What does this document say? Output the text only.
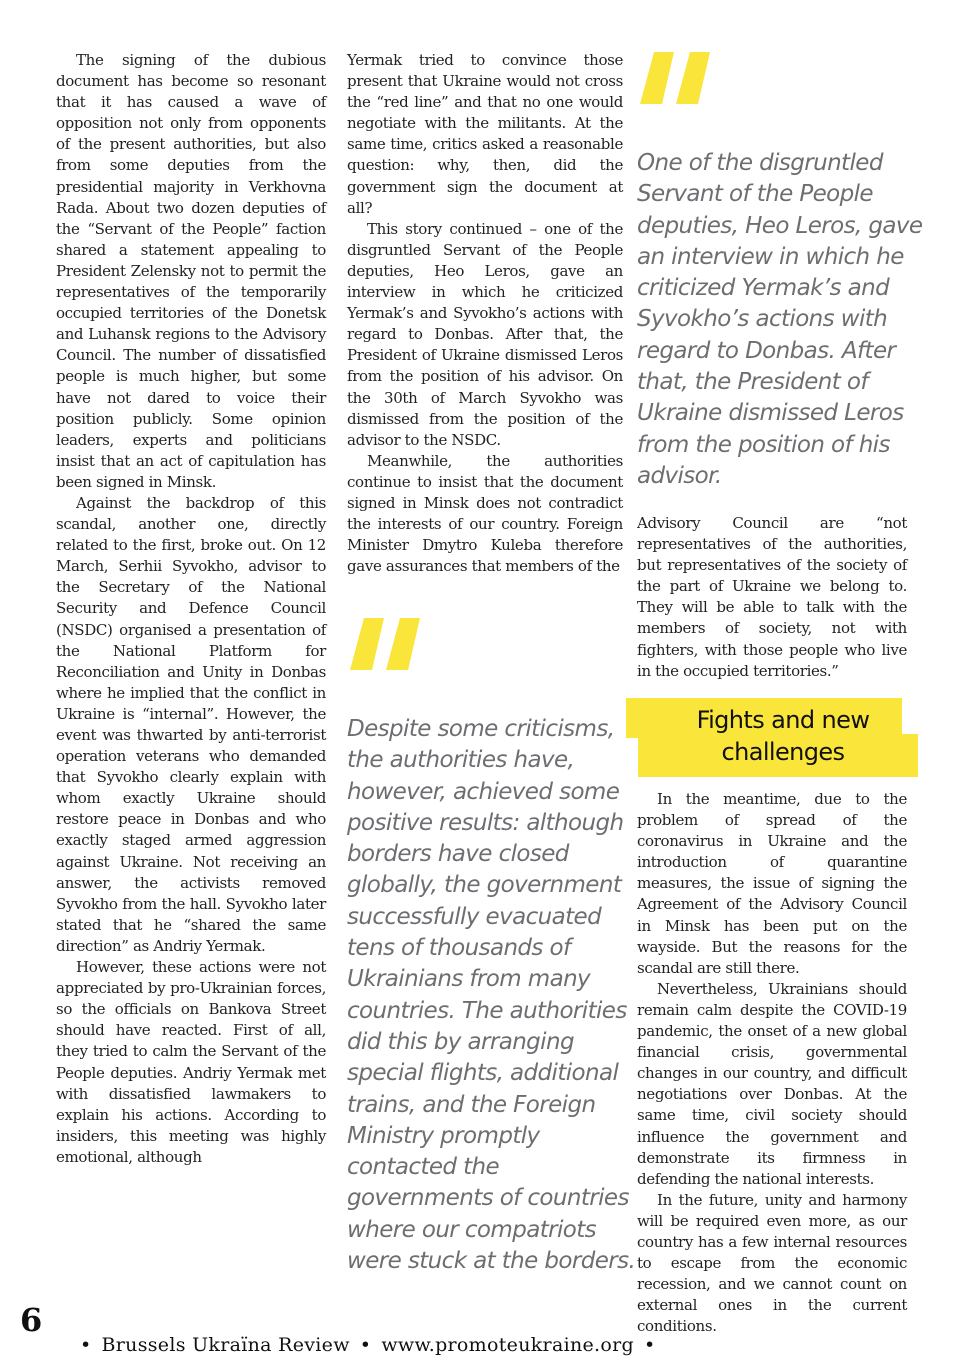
The signing of the dubious document has become so resonant that it has caused a wave of opposition not only from opponents of the present authorities, but also from some deputies from the presidential majority in Verkhovna Rada. About two dozen deputies of the “Servant of the People” faction shared a statement appealing to President Zelensky not to permit the representatives of the temporarily occupied territories of the Donetsk and Luhansk regions to the Advisory Council. The number of dissatisfied people is much higher, but some have not dared to voice their position publicly. Some opinion leaders, experts and politicians insist that an act of capitulation has been signed in Minsk.

Against the backdrop of this scandal, another one, directly related to the first, broke out. On 12 March, Serhii Syvokho, advisor to the Secretary of the National Security and Defence Council (NSDC) organised a presentation of the National Platform for Reconciliation and Unity in Donbas where he implied that the conflict in Ukraine is “internal”. However, the event was thwarted by anti-terrorist operation veterans who demanded that Syvokho clearly explain with whom exactly Ukraine should restore peace in Donbas and who exactly staged armed aggression against Ukraine. Not receiving an answer, the activists removed Syvokho from the hall. Syvokho later stated that he “shared the same direction” as Andriy Yermak.

However, these actions were not appreciated by pro-Ukrainian forces, so the officials on Bankova Street should have reacted. First of all, they tried to calm the Servant of the People deputies. Andriy Yermak met with dissatisfied lawmakers to explain his actions. According to insiders, this meeting was highly emotional, although

Yermak tried to convince those present that Ukraine would not cross the “red line” and that no one would negotiate with the militants. At the same time, critics asked a reasonable question: why, then, did the government sign the document at all?

This story continued – one of the disgruntled Servant of the People deputies, Heo Leros, gave an interview in which he criticized Yermak’s and Syvokho’s actions with regard to Donbas. After that, the President of Ukraine dismissed Leros from the position of his advisor. On the 30th of March Syvokho was dismissed from the position of the advisor to the NSDC.

Meanwhile, the authorities continue to insist that the document signed in Minsk does not contradict the interests of our country. Foreign Minister Dmytro Kuleba therefore gave assurances that members of the

One of the disgruntled Servant of the People deputies, Heo Leros, gave an interview in which he criticized Yermak’s and Syvokho’s actions with regard to Donbas. After that, the President of Ukraine dismissed Leros from the position of his advisor.

Advisory Council are “not representatives of the authorities, but representatives of the society of the part of Ukraine we belong to. They will be able to talk with the members of society, not with fighters, with those people who live in the occupied territories.”

Fights and new challenges

In the meantime, due to the problem of spread of the coronavirus in Ukraine and the introduction of quarantine measures, the issue of signing the Agreement of the Advisory Council in Minsk has been put on the wayside. But the reasons for the scandal are still there.

Nevertheless, Ukrainians should remain calm despite the COVID-19 pandemic, the onset of a new global financial crisis, governmental changes in our country, and difficult negotiations over Donbas. At the same time, civil society should influence the government and demonstrate its firmness in defending the national interests.

In the future, unity and harmony will be required even more, as our country has a few internal resources to escape from the economic recession, and we cannot count on external ones in the current conditions.

Despite some criticisms, the authorities have, however, achieved some positive results: although borders have closed globally, the government successfully evacuated tens of thousands of Ukrainians from many countries. The authorities did this by arranging special flights, additional trains, and the Foreign Ministry promptly contacted the governments of countries where our compatriots were stuck at the borders.

6
• Brussels Ukraïna Review • www.promoteukraine.org •
